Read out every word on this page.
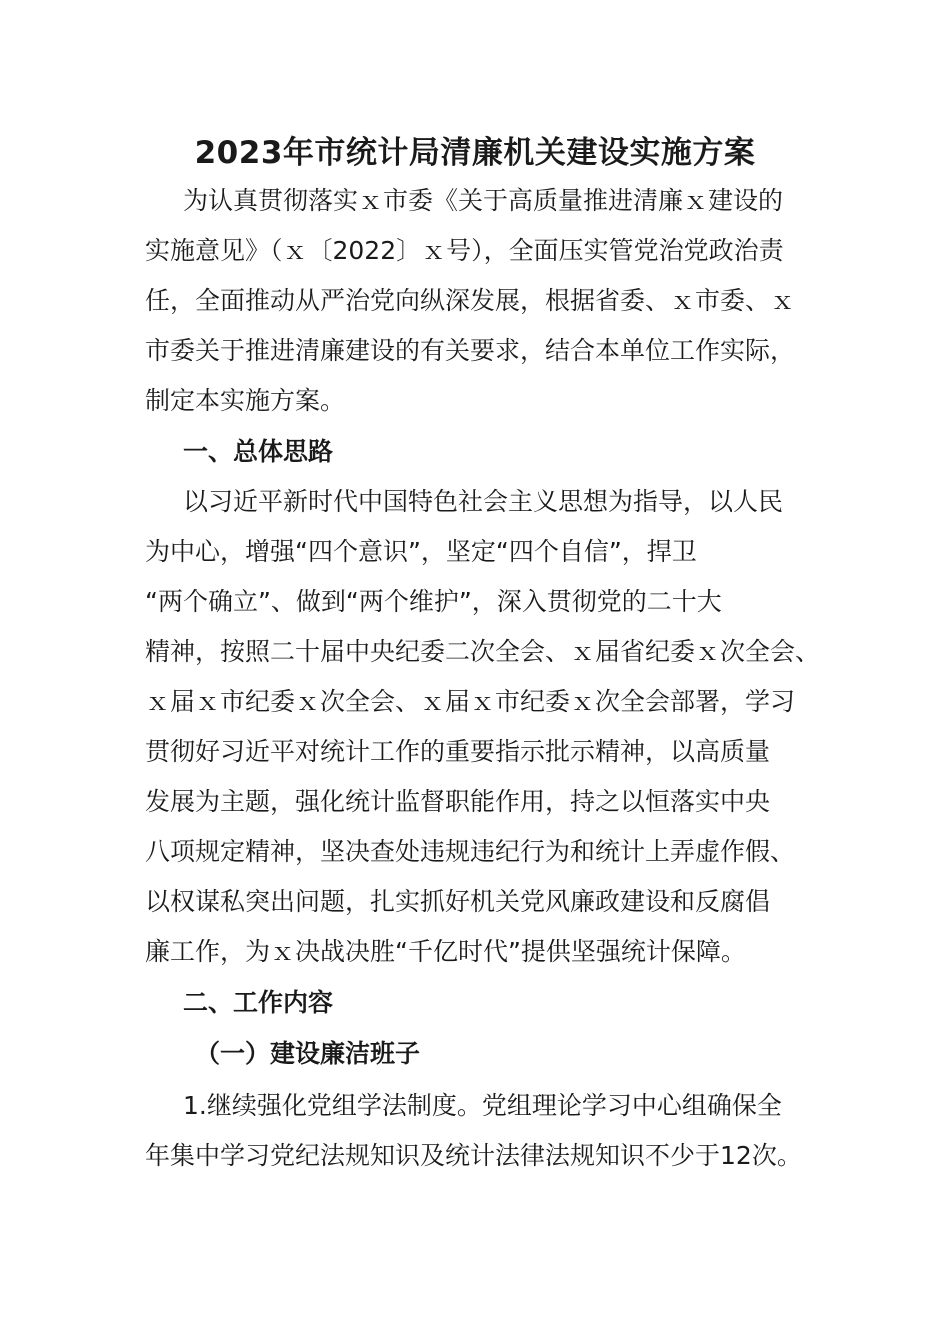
2023年市统计局清廉机关建设实施方案
为认真贯彻落实ｘ市委《关于高质量推进清廉ｘ建设的
实施意见》（ｘ〔2022〕ｘ号），全面压实管党治党政治责
任，全面推动从严治党向纵深发展，根据省委、ｘ市委、ｘ
市委关于推进清廉建设的有关要求，结合本单位工作实际，
制定本实施方案。
一、总体思路
以习近平新时代中国特色社会主义思想为指导，以人民
为中心，增强“四个意识”，坚定“四个自信”，捍卫
“两个确立”、做到“两个维护”，深入贯彻党的二十大
精神，按照二十届中央纪委二次全会、ｘ届省纪委ｘ次全会、
ｘ届ｘ市纪委ｘ次全会、ｘ届ｘ市纪委ｘ次全会部署，学习
贯彻好习近平对统计工作的重要指示批示精神，以高质量
发展为主题，强化统计监督职能作用，持之以恒落实中央
八项规定精神，坚决查处违规违纪行为和统计上弄虚作假、
以权谋私突出问题，扎实抓好机关党风廉政建设和反腐倡
廉工作，为ｘ决战决胜“千亿时代”提供坚强统计保障。
二、工作内容
（一）建设廉洁班子
1.继续强化党组学法制度。党组理论学习中心组确保全
年集中学习党纪法规知识及统计法律法规知识不少于12次。
